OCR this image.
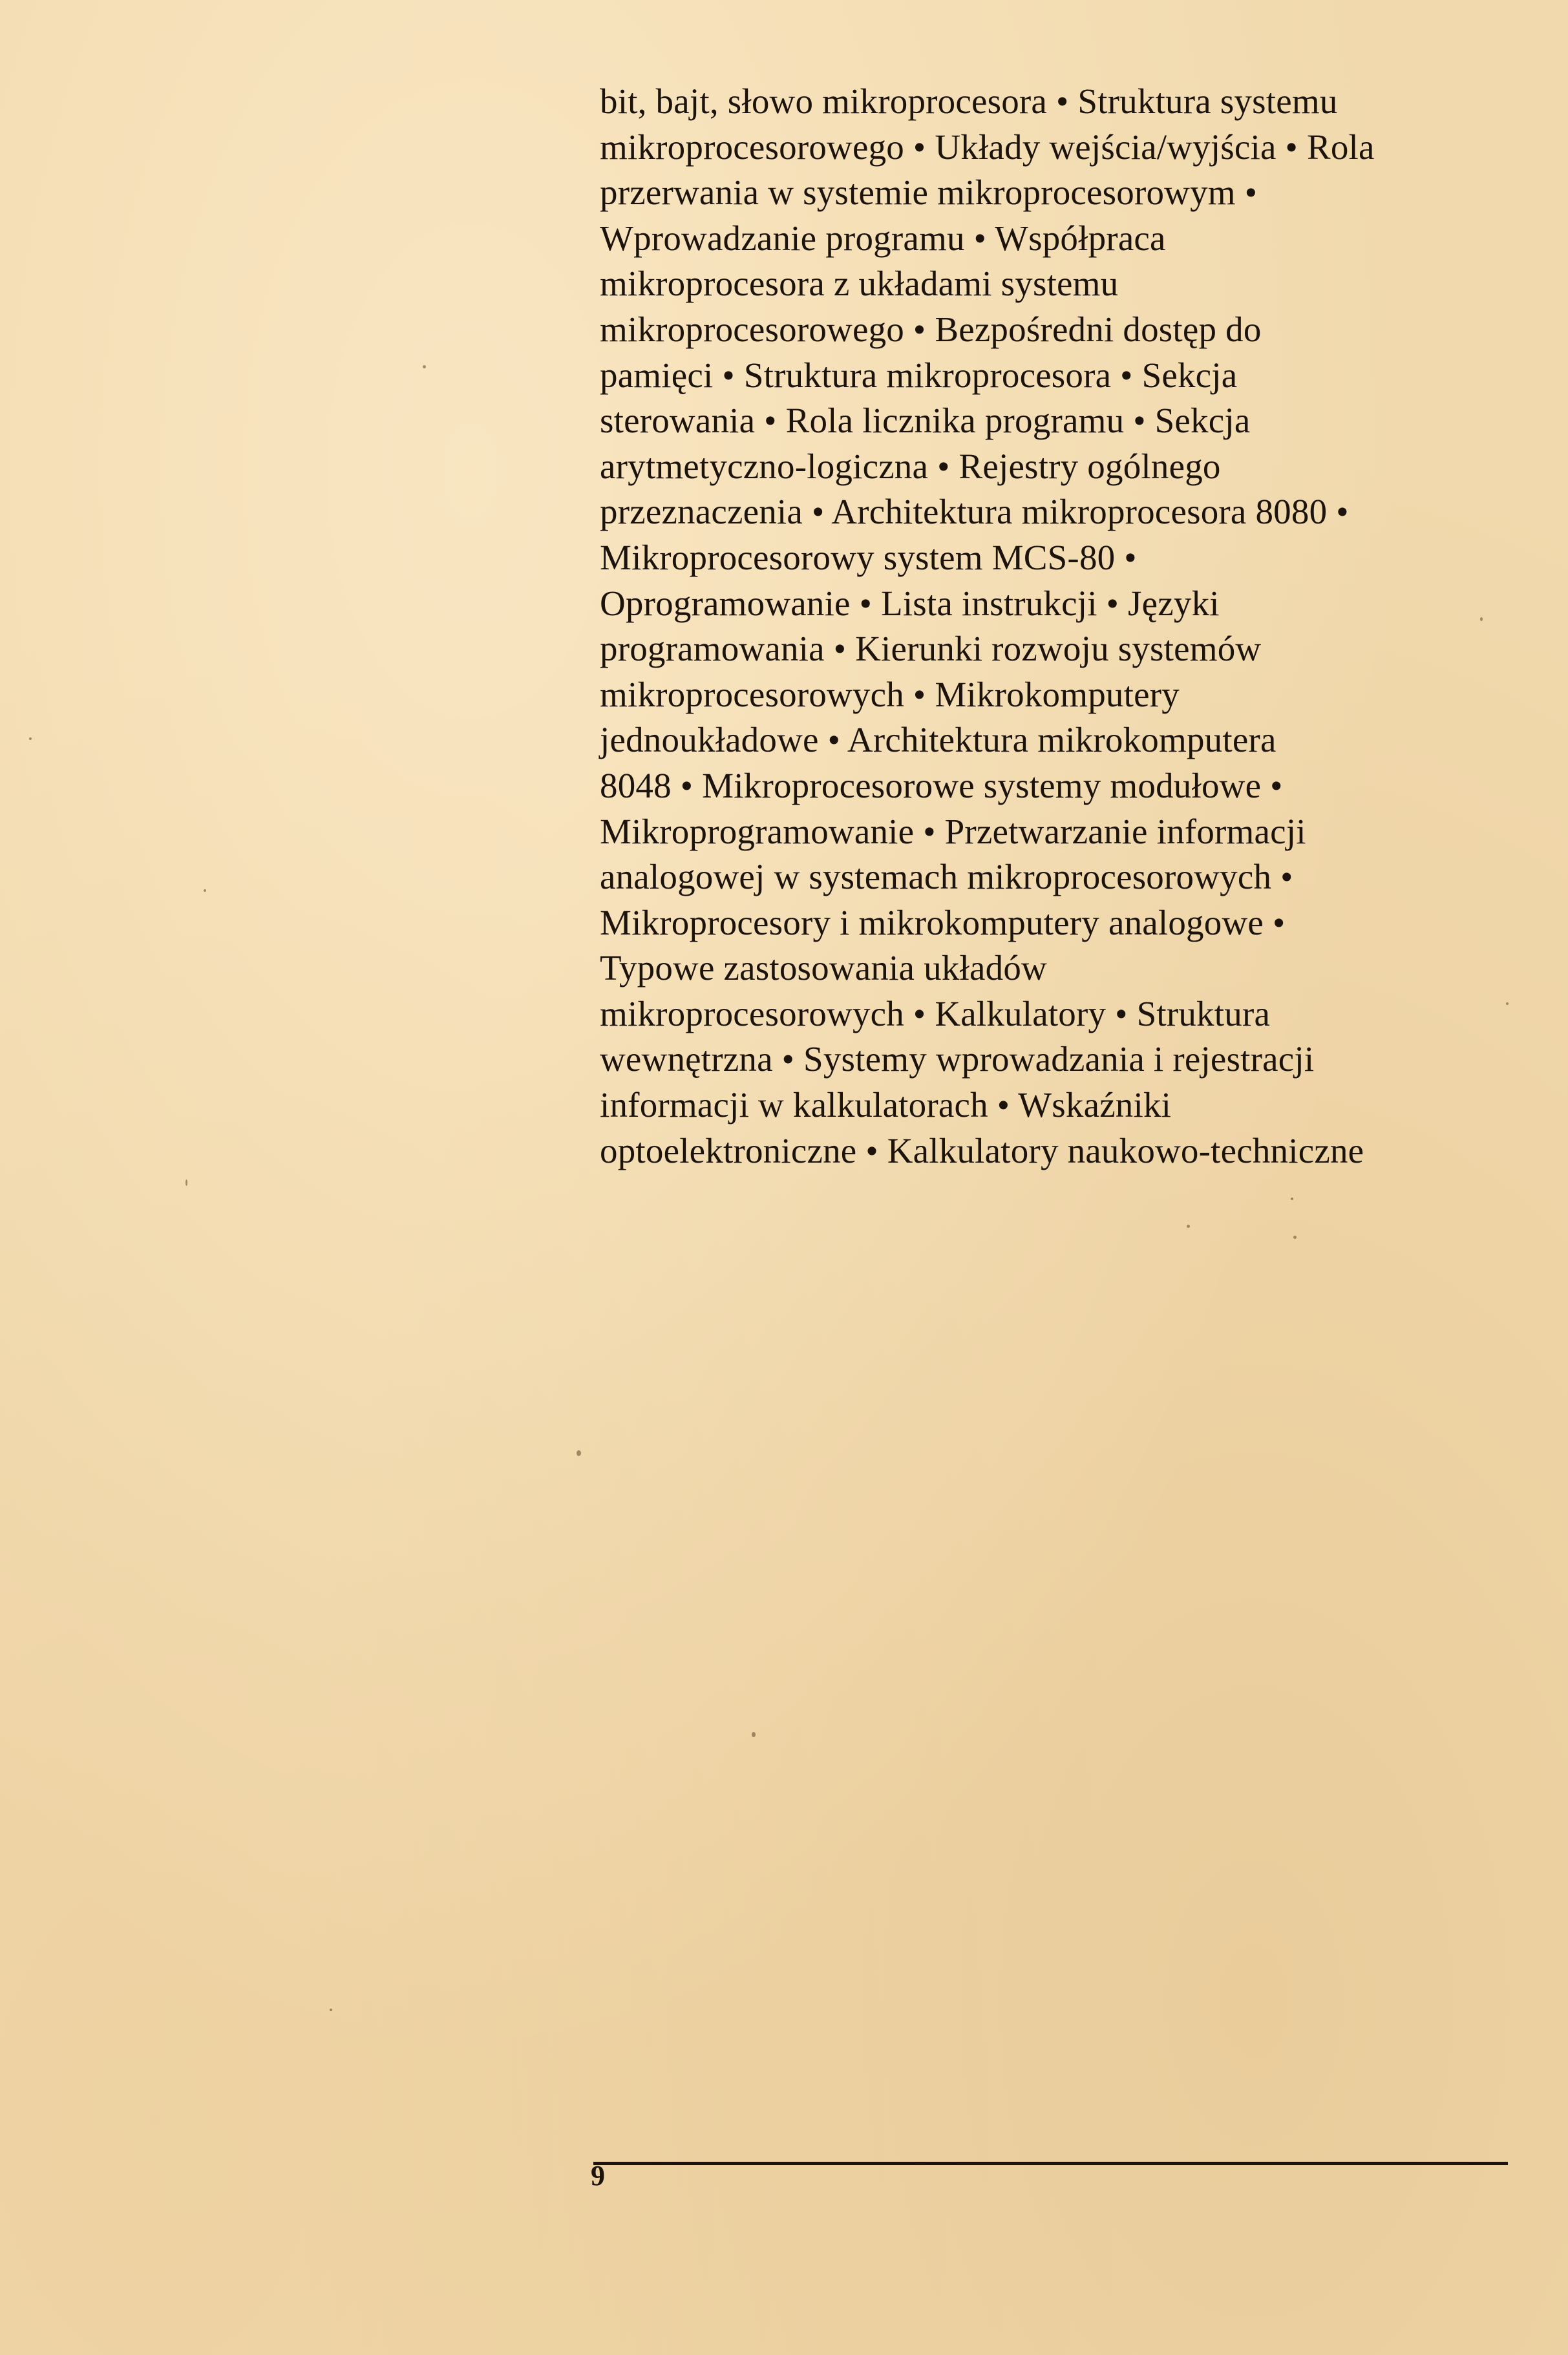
bit, bajt, słowo mikroprocesora • Struktura systemu
mikroprocesorowego • Układy wejścia/wyjścia • Rola
przerwania w systemie mikroprocesorowym •
Wprowadzanie programu • Współpraca
mikroprocesora z układami systemu
mikroprocesorowego • Bezpośredni dostęp do
pamięci • Struktura mikroprocesora • Sekcja
sterowania • Rola licznika programu • Sekcja
arytmetyczno-logiczna • Rejestry ogólnego
przeznaczenia • Architektura mikroprocesora 8080 •
Mikroprocesorowy system MCS-80 •
Oprogramowanie • Lista instrukcji • Języki
programowania • Kierunki rozwoju systemów
mikroprocesorowych • Mikrokomputery
jednoukładowe • Architektura mikrokomputera
8048 • Mikroprocesorowe systemy modułowe •
Mikroprogramowanie • Przetwarzanie informacji
analogowej w systemach mikroprocesorowych •
Mikroprocesory i mikrokomputery analogowe •
Typowe zastosowania układów
mikroprocesorowych • Kalkulatory • Struktura
wewnętrzna • Systemy wprowadzania i rejestracji
informacji w kalkulatorach • Wskaźniki
optoelektroniczne • Kalkulatory naukowo-techniczne
9
